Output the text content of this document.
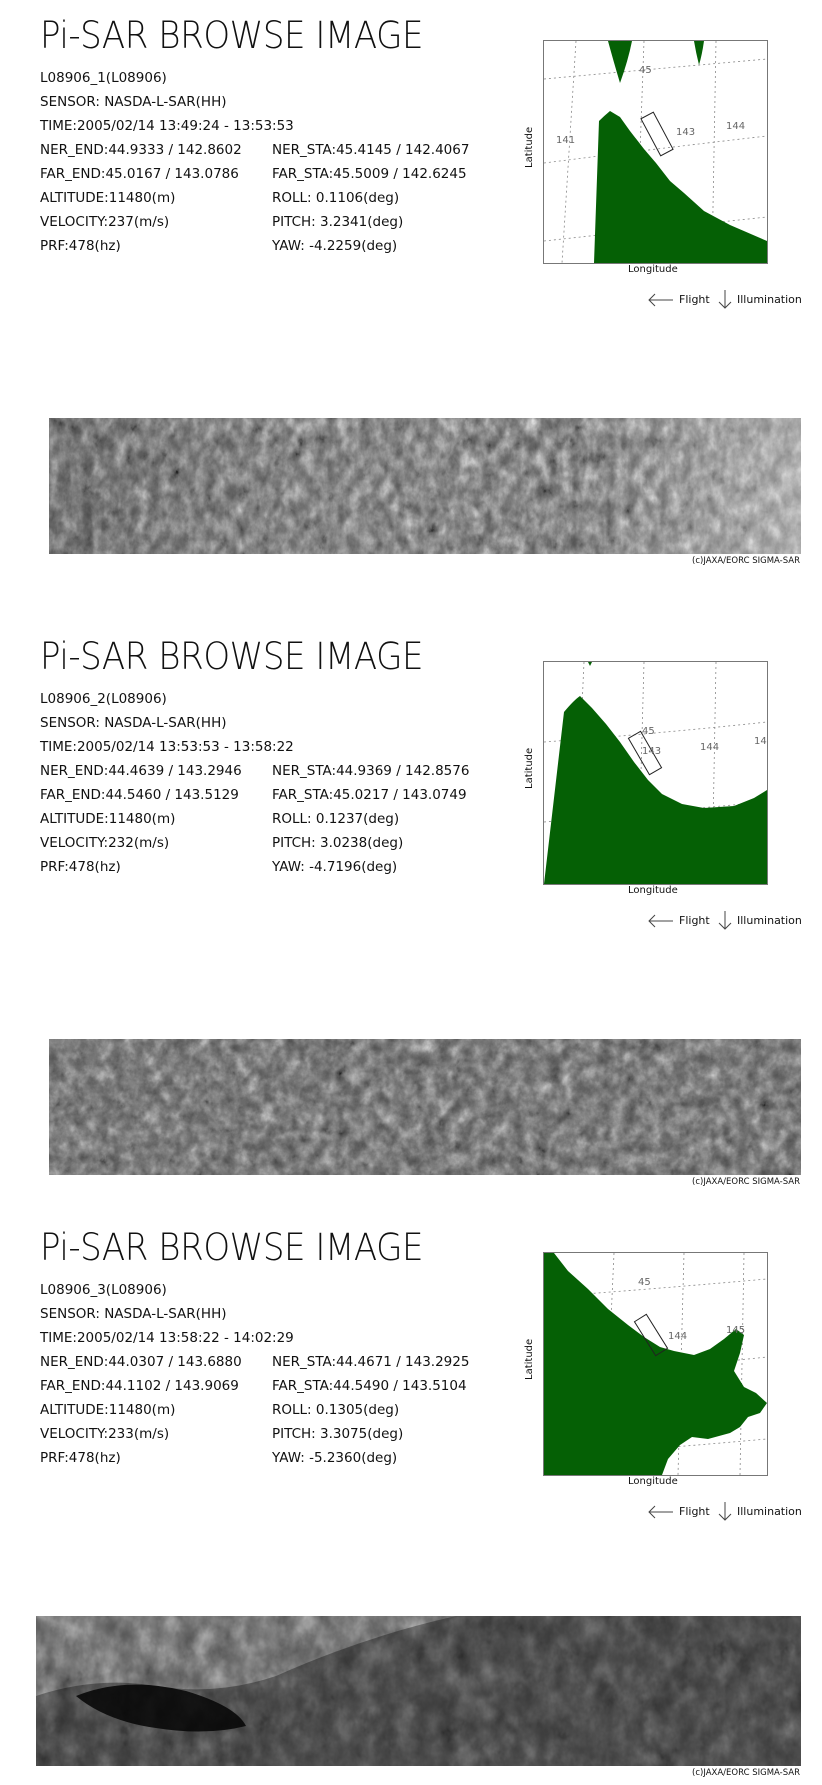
Pi-SAR BROWSE IMAGE
L08906_1(L08906)
SENSOR: NASDA-L-SAR(HH)
TIME:2005/02/14 13:49:24 - 13:53:53
NER_END:44.9333 / 142.8602
FAR_END:45.0167 / 143.0786
ALTITUDE:11480(m)
VELOCITY:237(m/s)
PRF:478(hz)
NER_STA:45.4145 / 142.4067
FAR_STA:45.5009 / 142.6245
ROLL: 0.1106(deg)
PITCH: 3.2341(deg)
YAW: -4.2259(deg)
45
141
143
144
Latitude
Longitude
Flight Illumination
(c)JAXA/EORC SIGMA-SAR
Pi-SAR BROWSE IMAGE
L08906_2(L08906)
SENSOR: NASDA-L-SAR(HH)
TIME:2005/02/14 13:53:53 - 13:58:22
NER_END:44.4639 / 143.2946
FAR_END:44.5460 / 143.5129
ALTITUDE:11480(m)
VELOCITY:232(m/s)
PRF:478(hz)
NER_STA:44.9369 / 142.8576
FAR_STA:45.0217 / 143.0749
ROLL: 0.1237(deg)
PITCH: 3.0238(deg)
YAW: -4.7196(deg)
45
143	144
14
Latitude
Longitude
Flight Illumination
(c)JAXA/EORC SIGMA-SAR
Pi-SAR BROWSE IMAGE
L08906_3(L08906)
SENSOR: NASDA-L-SAR(HH)
TIME:2005/02/14 13:58:22 - 14:02:29
NER_END:44.0307 / 143.6880
FAR_END:44.1102 / 143.9069
ALTITUDE:11480(m)
VELOCITY:233(m/s)
PRF:478(hz)
NER_STA:44.4671 / 143.2925
FAR_STA:44.5490 / 143.5104
ROLL: 0.1305(deg)
PITCH: 3.3075(deg)
YAW: -5.2360(deg)
45
144
145
Latitude
Longitude
Flight Illumination
(c)JAXA/EORC SIGMA-SAR
